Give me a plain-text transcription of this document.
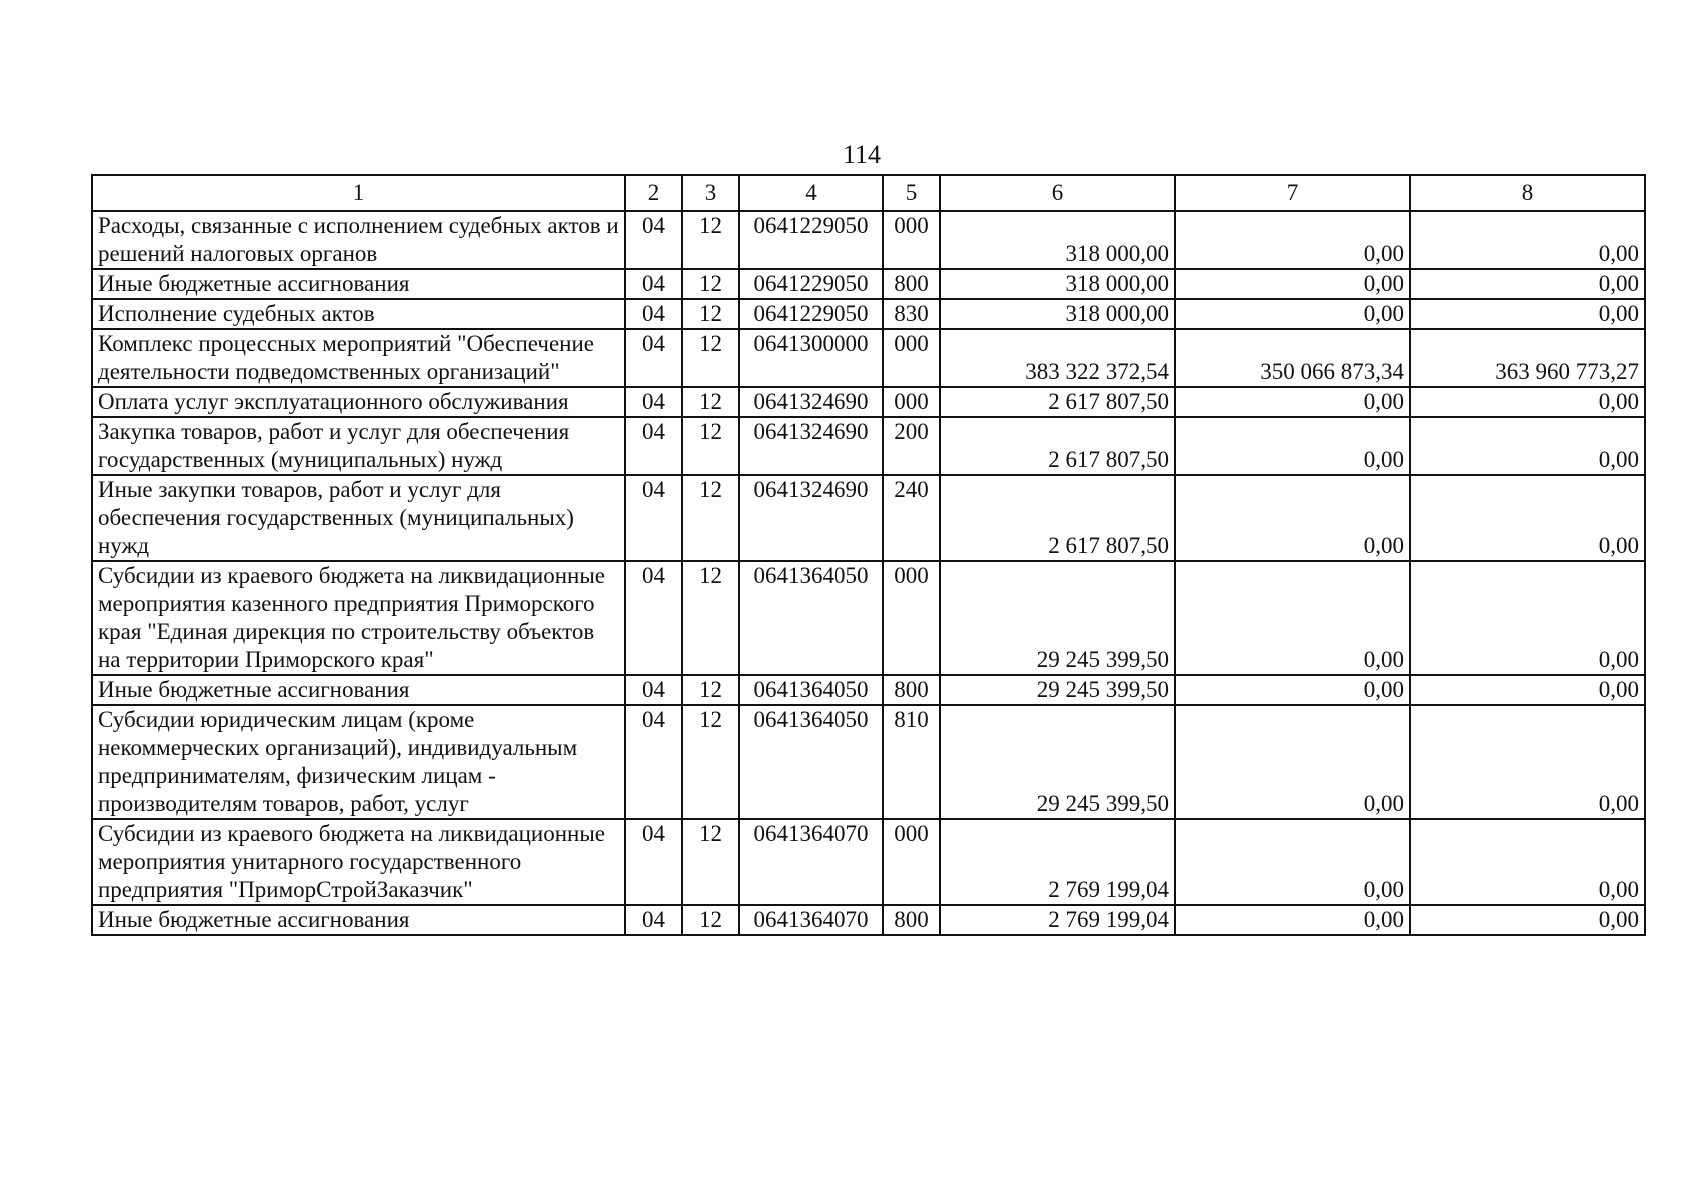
114
1	2	3	4	5	6	7	8
Расходы, связанные с исполнением судебных актов и решений налоговых органов	04	12	0641229050	000	318 000,00	0,00	0,00
Иные бюджетные ассигнования	04	12	0641229050	800	318 000,00	0,00	0,00
Исполнение судебных актов	04	12	0641229050	830	318 000,00	0,00	0,00
Комплекс процессных мероприятий "Обеспечение деятельности подведомственных организаций"	04	12	0641300000	000	383 322 372,54	350 066 873,34	363 960 773,27
Оплата услуг эксплуатационного обслуживания	04	12	0641324690	000	2 617 807,50	0,00	0,00
Закупка товаров, работ и услуг для обеспечения государственных (муниципальных) нужд	04	12	0641324690	200	2 617 807,50	0,00	0,00
Иные закупки товаров, работ и услуг для обеспечения государственных (муниципальных) нужд	04	12	0641324690	240	2 617 807,50	0,00	0,00
Субсидии из краевого бюджета на ликвидационные мероприятия казенного предприятия Приморского края "Единая дирекция по строительству объектов на территории Приморского края"	04	12	0641364050	000	29 245 399,50	0,00	0,00
Иные бюджетные ассигнования	04	12	0641364050	800	29 245 399,50	0,00	0,00
Субсидии юридическим лицам (кроме некоммерческих организаций), индивидуальным предпринимателям, физическим лицам - производителям товаров, работ, услуг	04	12	0641364050	810	29 245 399,50	0,00	0,00
Субсидии из краевого бюджета на ликвидационные мероприятия унитарного государственного предприятия "ПриморСтройЗаказчик"	04	12	0641364070	000	2 769 199,04	0,00	0,00
Иные бюджетные ассигнования	04	12	0641364070	800	2 769 199,04	0,00	0,00
